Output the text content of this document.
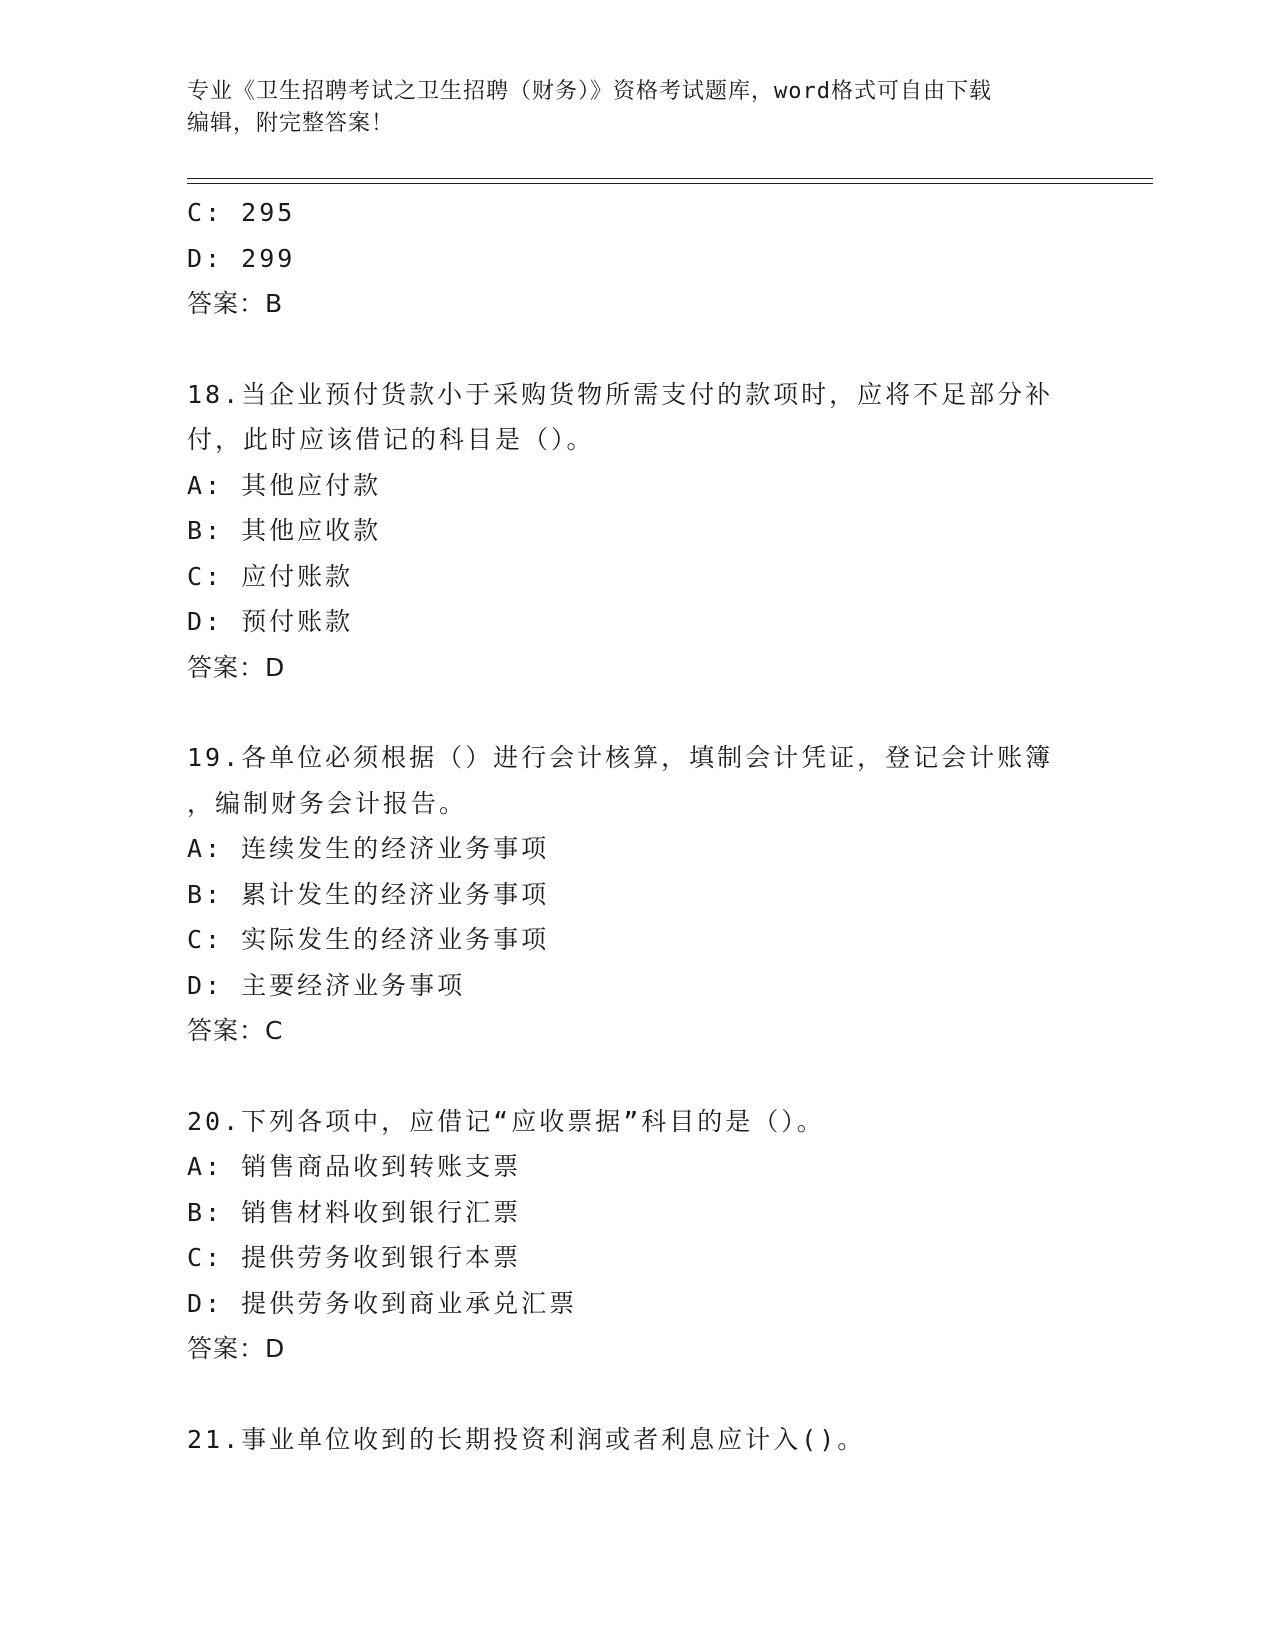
专业《卫生招聘考试之卫生招聘（财务）》资格考试题库，word格式可自由下载
编辑，附完整答案！
C: 295
D: 299
答案：B
18.当企业预付货款小于采购货物所需支付的款项时，应将不足部分补
付，此时应该借记的科目是（）。
A: 其他应付款
B: 其他应收款
C: 应付账款
D: 预付账款
答案：D
19.各单位必须根据（）进行会计核算，填制会计凭证，登记会计账簿
，编制财务会计报告。
A: 连续发生的经济业务事项
B: 累计发生的经济业务事项
C: 实际发生的经济业务事项
D: 主要经济业务事项
答案：C
20.下列各项中，应借记“应收票据”科目的是（）。
A: 销售商品收到转账支票
B: 销售材料收到银行汇票
C: 提供劳务收到银行本票
D: 提供劳务收到商业承兑汇票
答案：D
21.事业单位收到的长期投资利润或者利息应计入()。
